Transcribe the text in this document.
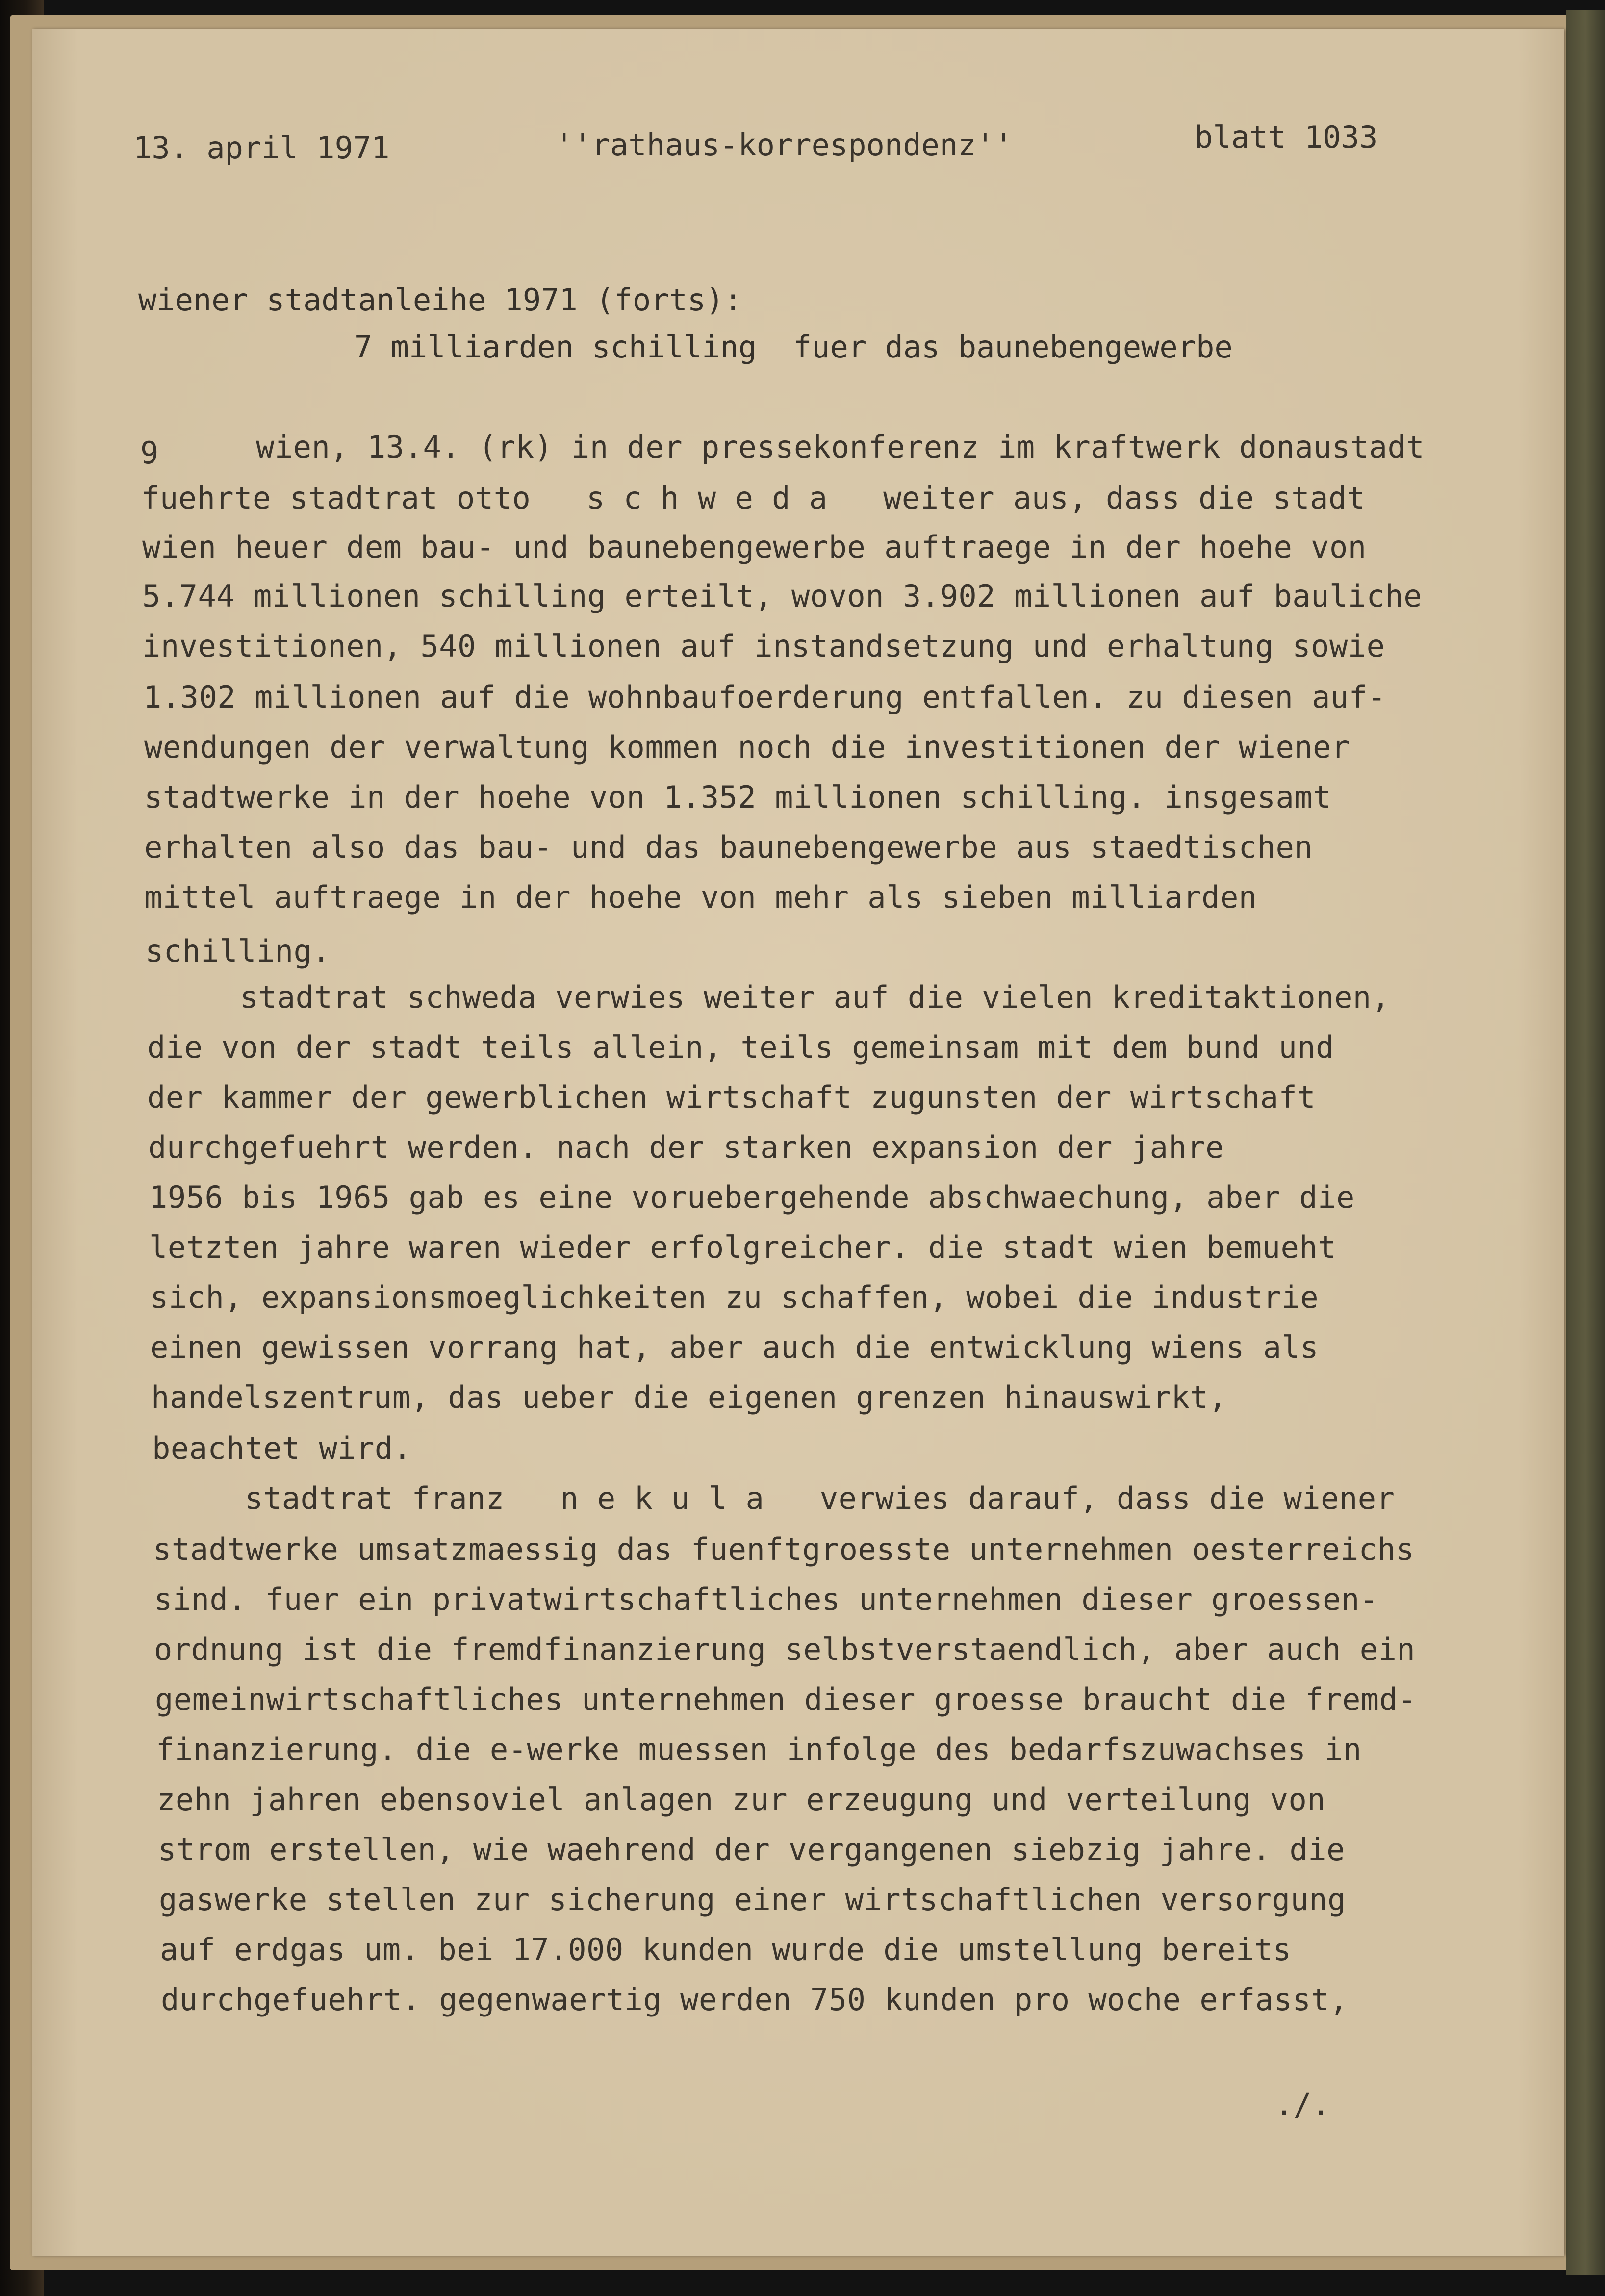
13. april 1971	''rathaus-korrespondenz''	blatt 1033
wiener stadtanleihe 1971 (forts):
7 milliarden schilling  fuer das baunebengewerbe
9	wien, 13.4. (rk) in der pressekonferenz im kraftwerk donaustadt

fuehrte stadtrat otto   s c h w e d a   weiter aus, dass die stadt

wien heuer dem bau- und baunebengewerbe auftraege in der hoehe von

5.744 millionen schilling erteilt, wovon 3.902 millionen auf bauliche

investitionen, 540 millionen auf instandsetzung und erhaltung sowie

1.302 millionen auf die wohnbaufoerderung entfallen. zu diesen auf-

wendungen der verwaltung kommen noch die investitionen der wiener

stadtwerke in der hoehe von 1.352 millionen schilling. insgesamt

erhalten also das bau- und das baunebengewerbe aus staedtischen

mittel auftraege in der hoehe von mehr als sieben milliarden

schilling.

stadtrat schweda verwies weiter auf die vielen kreditaktionen,

die von der stadt teils allein, teils gemeinsam mit dem bund und

der kammer der gewerblichen wirtschaft zugunsten der wirtschaft

durchgefuehrt werden. nach der starken expansion der jahre

1956 bis 1965 gab es eine voruebergehende abschwaechung, aber die

letzten jahre waren wieder erfolgreicher. die stadt wien bemueht

sich, expansionsmoeglichkeiten zu schaffen, wobei die industrie

einen gewissen vorrang hat, aber auch die entwicklung wiens als

handelszentrum, das ueber die eigenen grenzen hinauswirkt,

beachtet wird.

stadtrat franz   n e k u l a   verwies darauf, dass die wiener

stadtwerke umsatzmaessig das fuenftgroesste unternehmen oesterreichs

sind. fuer ein privatwirtschaftliches unternehmen dieser groessen-

ordnung ist die fremdfinanzierung selbstverstaendlich, aber auch ein

gemeinwirtschaftliches unternehmen dieser groesse braucht die fremd-

finanzierung. die e-werke muessen infolge des bedarfszuwachses in

zehn jahren ebensoviel anlagen zur erzeugung und verteilung von

strom erstellen, wie waehrend der vergangenen siebzig jahre. die

gaswerke stellen zur sicherung einer wirtschaftlichen versorgung

auf erdgas um. bei 17.000 kunden wurde die umstellung bereits

durchgefuehrt. gegenwaertig werden 750 kunden pro woche erfasst,

./.
